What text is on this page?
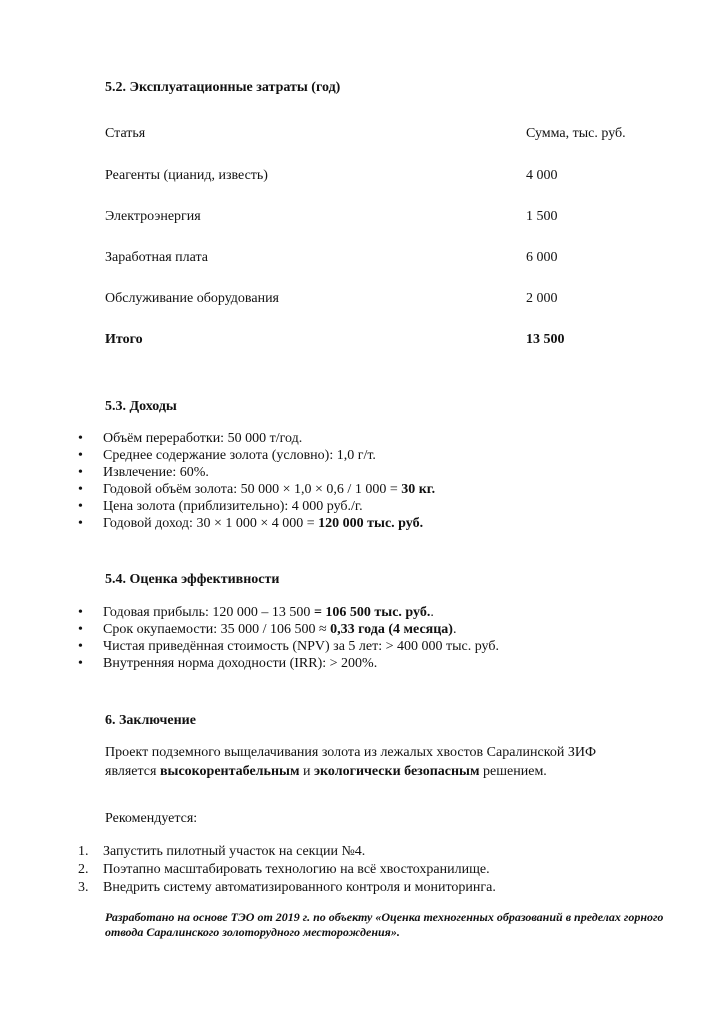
5.2. Эксплуатационные затраты (год)
Статья	Сумма, тыс. руб.
Реагенты (цианид, известь)	4 000
Электроэнергия	1 500
Заработная плата	6 000
Обслуживание оборудования	2 000
Итого	13 500
5.3. Доходы
• Объём переработки: 50 000 т/год.
• Среднее содержание золота (условно): 1,0 г/т.
• Извлечение: 60%.
• Годовой объём золота: 50 000 × 1,0 × 0,6 / 1 000 = 30 кг.
• Цена золота (приблизительно): 4 000 руб./г.
• Годовой доход: 30 × 1 000 × 4 000 = 120 000 тыс. руб.
5.4. Оценка эффективности
• Годовая прибыль: 120 000 – 13 500 = 106 500 тыс. руб..
• Срок окупаемости: 35 000 / 106 500 ≈ 0,33 года (4 месяца).
• Чистая приведённая стоимость (NPV) за 5 лет: > 400 000 тыс. руб.
• Внутренняя норма доходности (IRR): > 200%.
6. Заключение
Проект подземного выщелачивания золота из лежалых хвостов Саралинской ЗИФ
является высокорентабельным и экологически безопасным решением.
Рекомендуется:
1. Запустить пилотный участок на секции №4.
2. Поэтапно масштабировать технологию на всё хвостохранилище.
3. Внедрить систему автоматизированного контроля и мониторинга.
Разработано на основе ТЭО от 2019 г. по объекту «Оценка техногенных образований в пределах горного отвода Саралинского золоторудного месторождения».
